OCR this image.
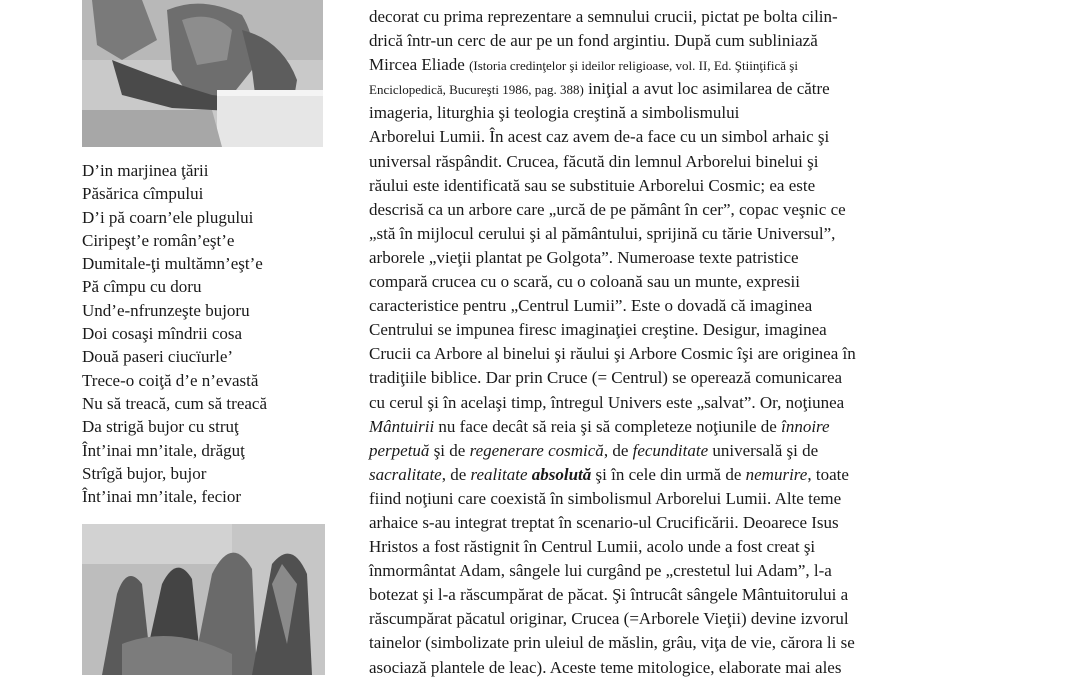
D’in marjinea ţării
Păsărica cîmpului
D’i pă coarn’ele plugului
Ciripeşt’e român’eşt’e
Dumitale-ţi multămn’eşt’e
Pă cîmpu cu doru
Und’e-nfrunzeşte bujoru
Doi cosaşi mîndrii cosa
Două paseri ciucïurle’
Trece-o coiţă d’e n’evastă
Nu să treacă, cum să treacă
Da strigă bujor cu struţ
Înt’inai mn’itale, drăguţ
Strîgă bujor, bujor
Înt’inai mn’itale, fecior
decorat cu prima reprezentare a semnului crucii, pictat pe bolta cilin-
drică într-un cerc de aur pe un fond argintiu. După cum subliniază
Mircea Eliade (Istoria credinţelor şi ideilor religioase, vol. II, Ed. Ştiinţifică şi
Enciclopedică, Bucureşti 1986, pag. 388) iniţial a avut loc asimilarea de către
imageria, liturghia şi teologia creştină a simbolismului
Arborelui Lumii. În acest caz avem de-a face cu un simbol arhaic şi
universal răspândit. Crucea, făcută din lemnul Arborelui binelui şi
răului este identificată sau se substituie Arborelui Cosmic; ea este
descrisă ca un arbore care „urcă de pe pământ în cer”, copac veşnic ce
„stă în mijlocul cerului şi al pământului, sprijină cu tărie Universul”,
arborele „vieţii plantat pe Golgota”. Numeroase texte patristice
compară crucea cu o scară, cu o coloană sau un munte, expresii
caracteristice pentru „Centrul Lumii”. Este o dovadă că imaginea
Centrului se impunea firesc imaginaţiei creştine. Desigur, imaginea
Crucii ca Arbore al binelui şi răului şi Arbore Cosmic îşi are originea în
tradiţiile biblice. Dar prin Cruce (= Centrul) se operează comunicarea
cu cerul şi în acelaşi timp, întregul Univers este „salvat”. Or, noţiunea
Mântuirii nu face decât să reia şi să completeze noţiunile de înnoire
perpetuă şi de regenerare cosmică, de fecunditate universală şi de
sacralitate, de realitate absolută şi în cele din urmă de nemurire, toate
fiind noţiuni care coexistă în simbolismul Arborelui Lumii. Alte teme
arhaice s-au integrat treptat în scenario-ul Crucificării. Deoarece Isus
Hristos a fost răstignit în Centrul Lumii, acolo unde a fost creat şi
înmormântat Adam, sângele lui curgând pe „crestetul lui Adam”, l-a
botezat şi l-a răscumpărat de păcat. Şi întrucât sângele Mântuitorului a
răscumpărat păcatul originar, Crucea (=Arborele Vieţii) devine izvorul
tainelor (simbolizate prin uleiul de măslin, grâu, viţa de vie, cărora li se
asociază plantele de leac). Aceste teme mitologice, elaborate mai ales
